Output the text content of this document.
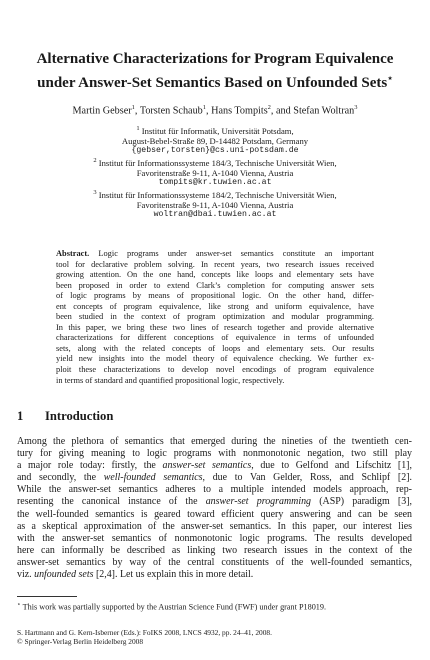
Alternative Characterizations for Program Equivalence
under Answer-Set Semantics Based on Unfounded Sets⋆
Martin Gebser$^1$, Torsten Schaub$^1$, Hans Tompits$^2$, and Stefan Woltran$^3$
$^1$ Institut für Informatik, Universität Potsdam,
August-Bebel-Straße 89, D-14482 Potsdam, Germany
{gebser,torsten}@cs.uni-potsdam.de
$^2$ Institut für Informationssysteme 184/3, Technische Universität Wien,
Favoritenstraße 9-11, A-1040 Vienna, Austria
tompits@kr.tuwien.ac.at
$^3$ Institut für Informationssysteme 184/2, Technische Universität Wien,
Favoritenstraße 9-11, A-1040 Vienna, Austria
woltran@dbai.tuwien.ac.at
Abstract. Logic programs under answer-set semantics constitute an important
tool for declarative problem solving. In recent years, two research issues received
growing attention. On the one hand, concepts like loops and elementary sets have
been proposed in order to extend Clark’s completion for computing answer sets
of logic programs by means of propositional logic. On the other hand, differ-
ent concepts of program equivalence, like strong and uniform equivalence, have
been studied in the context of program optimization and modular programming.
In this paper, we bring these two lines of research together and provide alternative
characterizations for different conceptions of equivalence in terms of unfounded
sets, along with the related concepts of loops and elementary sets. Our results
yield new insights into the model theory of equivalence checking. We further ex-
ploit these characterizations to develop novel encodings of program equivalence
in terms of standard and quantified propositional logic, respectively.
1 Introduction
Among the plethora of semantics that emerged during the nineties of the twentieth cen-
tury for giving meaning to logic programs with nonmonotonic negation, two still play
a major role today: firstly, the answer-set semantics, due to Gelfond and Lifschitz [1],
and secondly, the well-founded semantics, due to Van Gelder, Ross, and Schlipf [2].
While the answer-set semantics adheres to a multiple intended models approach, rep-
resenting the canonical instance of the answer-set programming (ASP) paradigm [3],
the well-founded semantics is geared toward efficient query answering and can be seen
as a skeptical approximation of the answer-set semantics. In this paper, our interest lies
with the answer-set semantics of nonmonotonic logic programs. The results developed
here can informally be described as linking two research issues in the context of the
answer-set semantics by way of the central constituents of the well-founded semantics,
viz. unfounded sets [2,4]. Let us explain this in more detail.
⋆ This work was partially supported by the Austrian Science Fund (FWF) under grant P18019.
S. Hartmann and G. Kern-Isberner (Eds.): FoIKS 2008, LNCS 4932, pp. 24–41, 2008.
© Springer-Verlag Berlin Heidelberg 2008
